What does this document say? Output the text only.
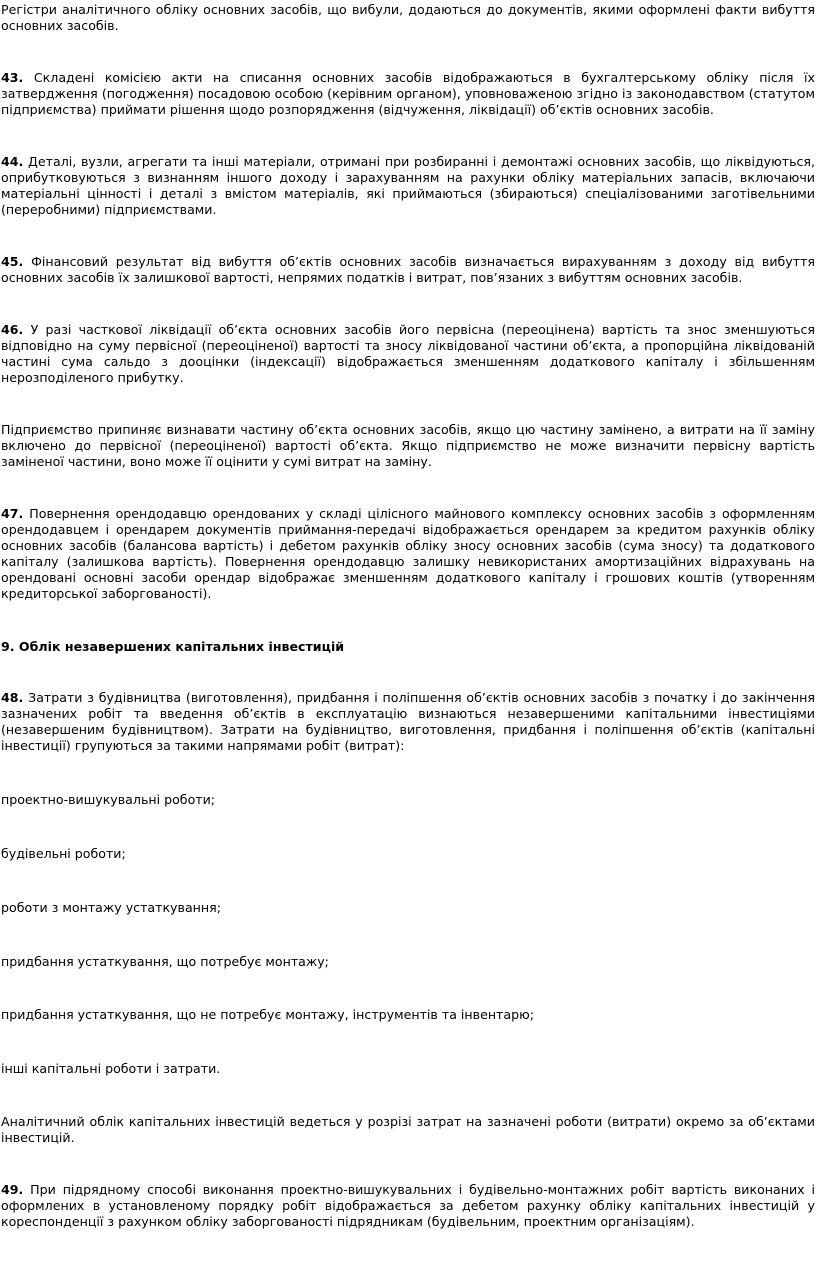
Регістри аналітичного обліку основних засобів, що вибули, додаються до документів, якими оформлені факти вибуття основних засобів.

43. Складені комісією акти на списання основних засобів відображаються в бухгалтерському обліку після їх затвердження (погодження) посадовою особою (керівним органом), уповноваженою згідно із законодавством (статутом підприємства) приймати рішення щодо розпорядження (відчуження, ліквідації) об’єктів основних засобів.

44. Деталі, вузли, агрегати та інші матеріали, отримані при розбиранні і демонтажі основних засобів, що ліквідуються, оприбутковуються з визнанням іншого доходу і зарахуванням на рахунки обліку матеріальних запасів, включаючи матеріальні цінності і деталі з вмістом матеріалів, які приймаються (збираються) спеціалізованими заготівельними (переробними) підприємствами.

45. Фінансовий результат від вибуття об’єктів основних засобів визначається вирахуванням з доходу від вибуття основних засобів їх залишкової вартості, непрямих податків і витрат, пов’язаних з вибуттям основних засобів.

46. У разі часткової ліквідації об’єкта основних засобів його первісна (переоцінена) вартість та знос зменшуються відповідно на суму первісної (переоціненої) вартості та зносу ліквідованої частини об’єкта, а пропорційна ліквідованій частині сума сальдо з дооцінки (індексації) відображається зменшенням додаткового капіталу і збільшенням нерозподіленого прибутку.

Підприємство припиняє визнавати частину об’єкта основних засобів, якщо цю частину замінено, а витрати на її заміну включено до первісної (переоціненої) вартості об’єкта. Якщо підприємство не може визначити первісну вартість заміненої частини, воно може її оцінити у сумі витрат на заміну.

47. Повернення орендодавцю орендованих у складі цілісного майнового комплексу основних засобів з оформленням орендодавцем і орендарем документів приймання-передачі відображається орендарем за кредитом рахунків обліку основних засобів (балансова вартість) і дебетом рахунків обліку зносу основних засобів (сума зносу) та додаткового капіталу (залишкова вартість). Повернення орендодавцю залишку невикористаних амортизаційних відрахувань на орендовані основні засоби орендар відображає зменшенням додаткового капіталу і грошових коштів (утворенням кредиторської заборгованості).

9. Облік незавершених капітальних інвестицій

48. Затрати з будівництва (виготовлення), придбання і поліпшення об’єктів основних засобів з початку і до закінчення зазначених робіт та введення об’єктів в експлуатацію визнаються незавершеними капітальними інвестиціями (незавершеним будівництвом). Затрати на будівництво, виготовлення, придбання і поліпшення об’єктів (капітальні інвестиції) групуються за такими напрямами робіт (витрат):

проектно-вишукувальні роботи;

будівельні роботи;

роботи з монтажу устаткування;

придбання устаткування, що потребує монтажу;

придбання устаткування, що не потребує монтажу, інструментів та інвентарю;

інші капітальні роботи і затрати.

Аналітичний облік капітальних інвестицій ведеться у розрізі затрат на зазначені роботи (витрати) окремо за об’єктами інвестицій.

49. При підрядному способі виконання проектно-вишукувальних і будівельно-монтажних робіт вартість виконаних і оформлених в установленому порядку робіт відображається за дебетом рахунку обліку капітальних інвестицій у кореспонденції з рахунком обліку заборгованості підрядникам (будівельним, проектним організаціям).
